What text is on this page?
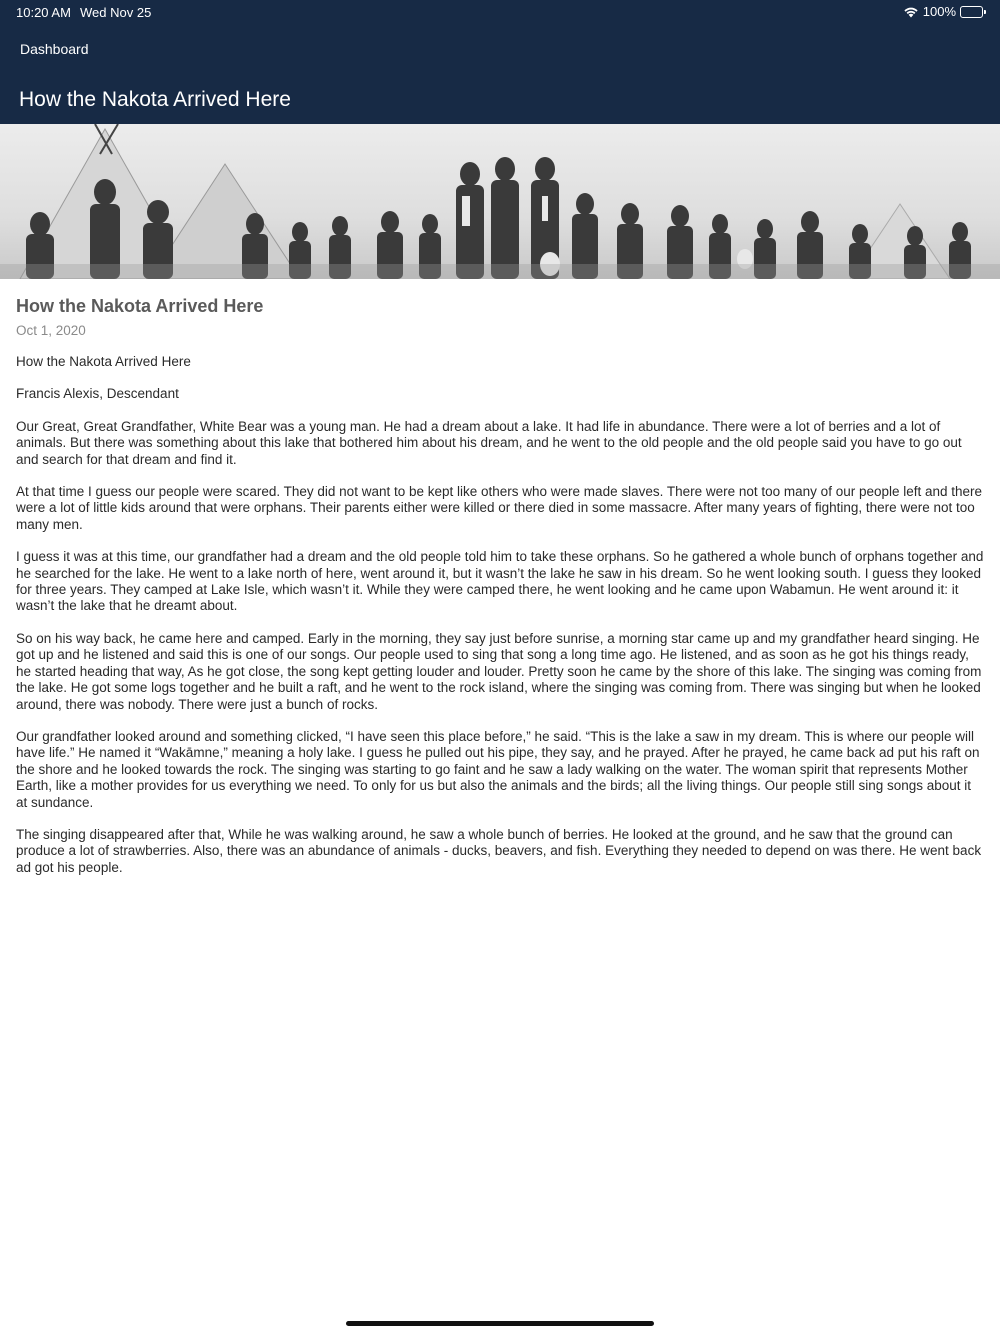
10:20 AM Wed Nov 25	100%
Dashboard
How the Nakota Arrived Here
How the Nakota Arrived Here
Oct 1, 2020

How the Nakota Arrived Here

Francis Alexis, Descendant

Our Great, Great Grandfather, White Bear was a young man. He had a dream about a lake. It had life in abundance. There were a lot of berries and a lot of animals. But there was something about this lake that bothered him about his dream, and he went to the old people and the old people said you have to go out and search for that dream and find it.

At that time I guess our people were scared. They did not want to be kept like others who were made slaves. There were not too many of our people left and there were a lot of little kids around that were orphans. Their parents either were killed or there died in some massacre. After many years of fighting, there were not too many men.

I guess it was at this time, our grandfather had a dream and the old people told him to take these orphans. So he gathered a whole bunch of orphans together and he searched for the lake. He went to a lake north of here, went around it, but it wasn’t the lake he saw in his dream. So he went looking south. I guess they looked for three years. They camped at Lake Isle, which wasn’t it. While they were camped there, he went looking and he came upon Wabamun. He went around it: it wasn’t the lake that he dreamt about.

So on his way back, he came here and camped. Early in the morning, they say just before sunrise, a morning star came up and my grandfather heard singing. He got up and he listened and said this is one of our songs. Our people used to sing that song a long time ago. He listened, and as soon as he got his things ready, he started heading that way, As he got close, the song kept getting louder and louder. Pretty soon he came by the shore of this lake. The singing was coming from the lake. He got some logs together and he built a raft, and he went to the rock island, where the singing was coming from. There was singing but when he looked around, there was nobody. There were just a bunch of rocks.

Our grandfather looked around and something clicked, “I have seen this place before,” he said. “This is the lake a saw in my dream. This is where our people will have life.” He named it “Wakāmne,” meaning a holy lake. I guess he pulled out his pipe, they say, and he prayed. After he prayed, he came back ad put his raft on the shore and he looked towards the rock. The singing was starting to go faint and he saw a lady walking on the water. The woman spirit that represents Mother Earth, like a mother provides for us everything we need. To only for us but also the animals and the birds; all the living things. Our people still sing songs about it at sundance.

The singing disappeared after that, While he was walking around, he saw a whole bunch of berries. He looked at the ground, and he saw that the ground can produce a lot of strawberries. Also, there was an abundance of animals - ducks, beavers, and fish. Everything they needed to depend on was there. He went back ad got his people.
